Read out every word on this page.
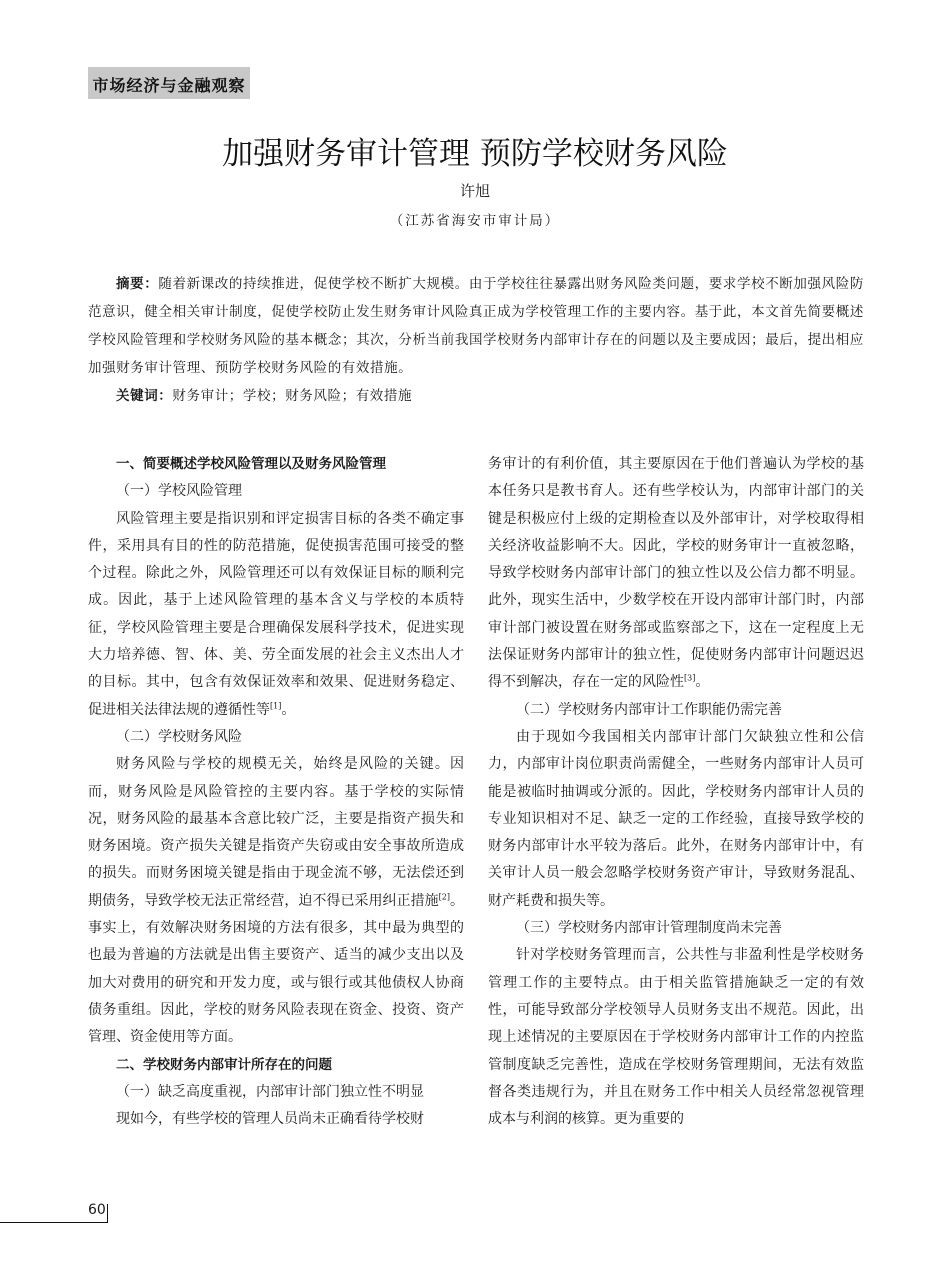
市场经济与金融观察
加强财务审计管理 预防学校财务风险
许旭
（江苏省海安市审计局）

摘要：随着新课改的持续推进，促使学校不断扩大规模。由于学校往往暴露出财务风险类问题，要求学校不断加强风险防范意识，健全相关审计制度，促使学校防止发生财务审计风险真正成为学校管理工作的主要内容。基于此，本文首先简要概述学校风险管理和学校财务风险的基本概念；其次，分析当前我国学校财务内部审计存在的问题以及主要成因；最后，提出相应加强财务审计管理、预防学校财务风险的有效措施。

关键词：财务审计；学校；财务风险；有效措施

一、简要概述学校风险管理以及财务风险管理

（一）学校风险管理

风险管理主要是指识别和评定损害目标的各类不确定事件，采用具有目的性的防范措施，促使损害范围可接受的整个过程。除此之外，风险管理还可以有效保证目标的顺利完成。因此，基于上述风险管理的基本含义与学校的本质特征，学校风险管理主要是合理确保发展科学技术，促进实现大力培养德、智、体、美、劳全面发展的社会主义杰出人才的目标。其中，包含有效保证效率和效果、促进财务稳定、促进相关法律法规的遵循性等[1]。

（二）学校财务风险

财务风险与学校的规模无关，始终是风险的关键。因而，财务风险是风险管控的主要内容。基于学校的实际情况，财务风险的最基本含意比较广泛，主要是指资产损失和财务困境。资产损失关键是指资产失窃或由安全事故所造成的损失。而财务困境关键是指由于现金流不够，无法偿还到期债务，导致学校无法正常经营，迫不得已采用纠正措施[2]。事实上，有效解决财务困境的方法有很多，其中最为典型的也最为普遍的方法就是出售主要资产、适当的减少支出以及加大对费用的研究和开发力度，或与银行或其他债权人协商债务重组。因此，学校的财务风险表现在资金、投资、资产管理、资金使用等方面。

二、学校财务内部审计所存在的问题

（一）缺乏高度重视，内部审计部门独立性不明显

现如今，有些学校的管理人员尚未正确看待学校财

务审计的有利价值，其主要原因在于他们普遍认为学校的基本任务只是教书育人。还有些学校认为，内部审计部门的关键是积极应付上级的定期检查以及外部审计，对学校取得相关经济收益影响不大。因此，学校的财务审计一直被忽略，导致学校财务内部审计部门的独立性以及公信力都不明显。此外，现实生活中，少数学校在开设内部审计部门时，内部审计部门被设置在财务部或监察部之下，这在一定程度上无法保证财务内部审计的独立性，促使财务内部审计问题迟迟得不到解决，存在一定的风险性[3]。

（二）学校财务内部审计工作职能仍需完善

由于现如今我国相关内部审计部门欠缺独立性和公信力，内部审计岗位职责尚需健全，一些财务内部审计人员可能是被临时抽调或分派的。因此，学校财务内部审计人员的专业知识相对不足、缺乏一定的工作经验，直接导致学校的财务内部审计水平较为落后。此外，在财务内部审计中，有关审计人员一般会忽略学校财务资产审计，导致财务混乱、财产耗费和损失等。

（三）学校财务内部审计管理制度尚未完善

针对学校财务管理而言，公共性与非盈利性是学校财务管理工作的主要特点。由于相关监管措施缺乏一定的有效性，可能导致部分学校领导人员财务支出不规范。因此，出现上述情况的主要原因在于学校财务内部审计工作的内控监管制度缺乏完善性，造成在学校财务管理期间，无法有效监督各类违规行为，并且在财务工作中相关人员经常忽视管理成本与利润的核算。更为重要的

60
